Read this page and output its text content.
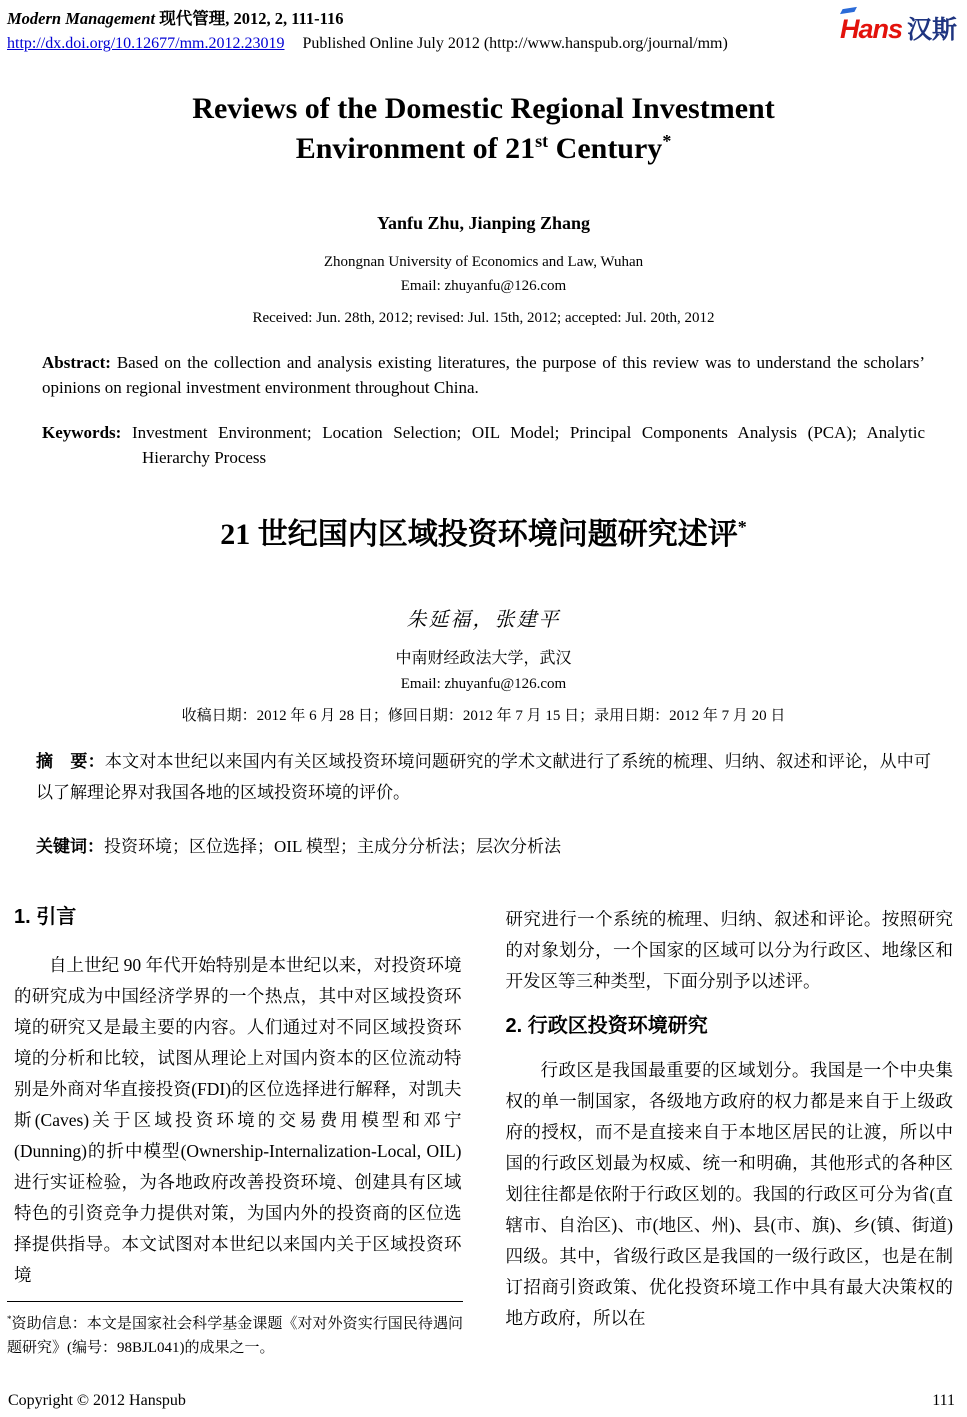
Modern Management 现代管理, 2012, 2, 111-116
http://dx.doi.org/10.12677/mm.2012.23019 Published Online July 2012 (http://www.hanspub.org/journal/mm)	Hans 汉斯
Reviews of the Domestic Regional Investment
Environment of 21st Century*
Yanfu Zhu, Jianping Zhang
Zhongnan University of Economics and Law, Wuhan
Email: zhuyanfu@126.com
Received: Jun. 28th, 2012; revised: Jul. 15th, 2012; accepted: Jul. 20th, 2012

Abstract: Based on the collection and analysis existing literatures, the purpose of this review was to understand the scholars’ opinions on regional investment environment throughout China.

Keywords: Investment Environment; Location Selection; OIL Model; Principal Components Analysis (PCA); Analytic Hierarchy Process

21 世纪国内区域投资环境问题研究述评*
朱延福，张建平
中南财经政法大学，武汉
Email: zhuyanfu@126.com
收稿日期：2012 年 6 月 28 日；修回日期：2012 年 7 月 15 日；录用日期：2012 年 7 月 20 日

摘　要：本文对本世纪以来国内有关区域投资环境问题研究的学术文献进行了系统的梳理、归纳、叙述和评论，从中可以了解理论界对我国各地的区域投资环境的评价。

关键词：投资环境；区位选择；OIL 模型；主成分分析法；层次分析法

1. 引言

自上世纪 90 年代开始特别是本世纪以来，对投资环境的研究成为中国经济学界的一个热点，其中对区域投资环境的研究又是最主要的内容。人们通过对不同区域投资环境的分析和比较，试图从理论上对国内资本的区位流动特别是外商对华直接投资(FDI)的区位选择进行解释，对凯夫斯(Caves)关于区域投资环境的交易费用模型和邓宁(Dunning)的折中模型(Ownership-Internalization-Local, OIL)进行实证检验，为各地政府改善投资环境、创建具有区域特色的引资竞争力提供对策，为国内外的投资商的区位选择提供指导。本文试图对本世纪以来国内关于区域投资环境

研究进行一个系统的梳理、归纳、叙述和评论。按照研究的对象划分，一个国家的区域可以分为行政区、地缘区和开发区等三种类型，下面分别予以述评。

2. 行政区投资环境研究

行政区是我国最重要的区域划分。我国是一个中央集权的单一制国家，各级地方政府的权力都是来自于上级政府的授权，而不是直接来自于本地区居民的让渡，所以中国的行政区划最为权威、统一和明确，其他形式的各种区划往往都是依附于行政区划的。我国的行政区可分为省(直辖市、自治区)、市(地区、州)、县(市、旗)、乡(镇、街道)四级。其中，省级行政区是我国的一级行政区，也是在制订招商引资政策、优化投资环境工作中具有最大决策权的地方政府，所以在

*资助信息：本文是国家社会科学基金课题《对对外资实行国民待遇问题研究》(编号：98BJL041)的成果之一。
Copyright © 2012 Hanspub	111
